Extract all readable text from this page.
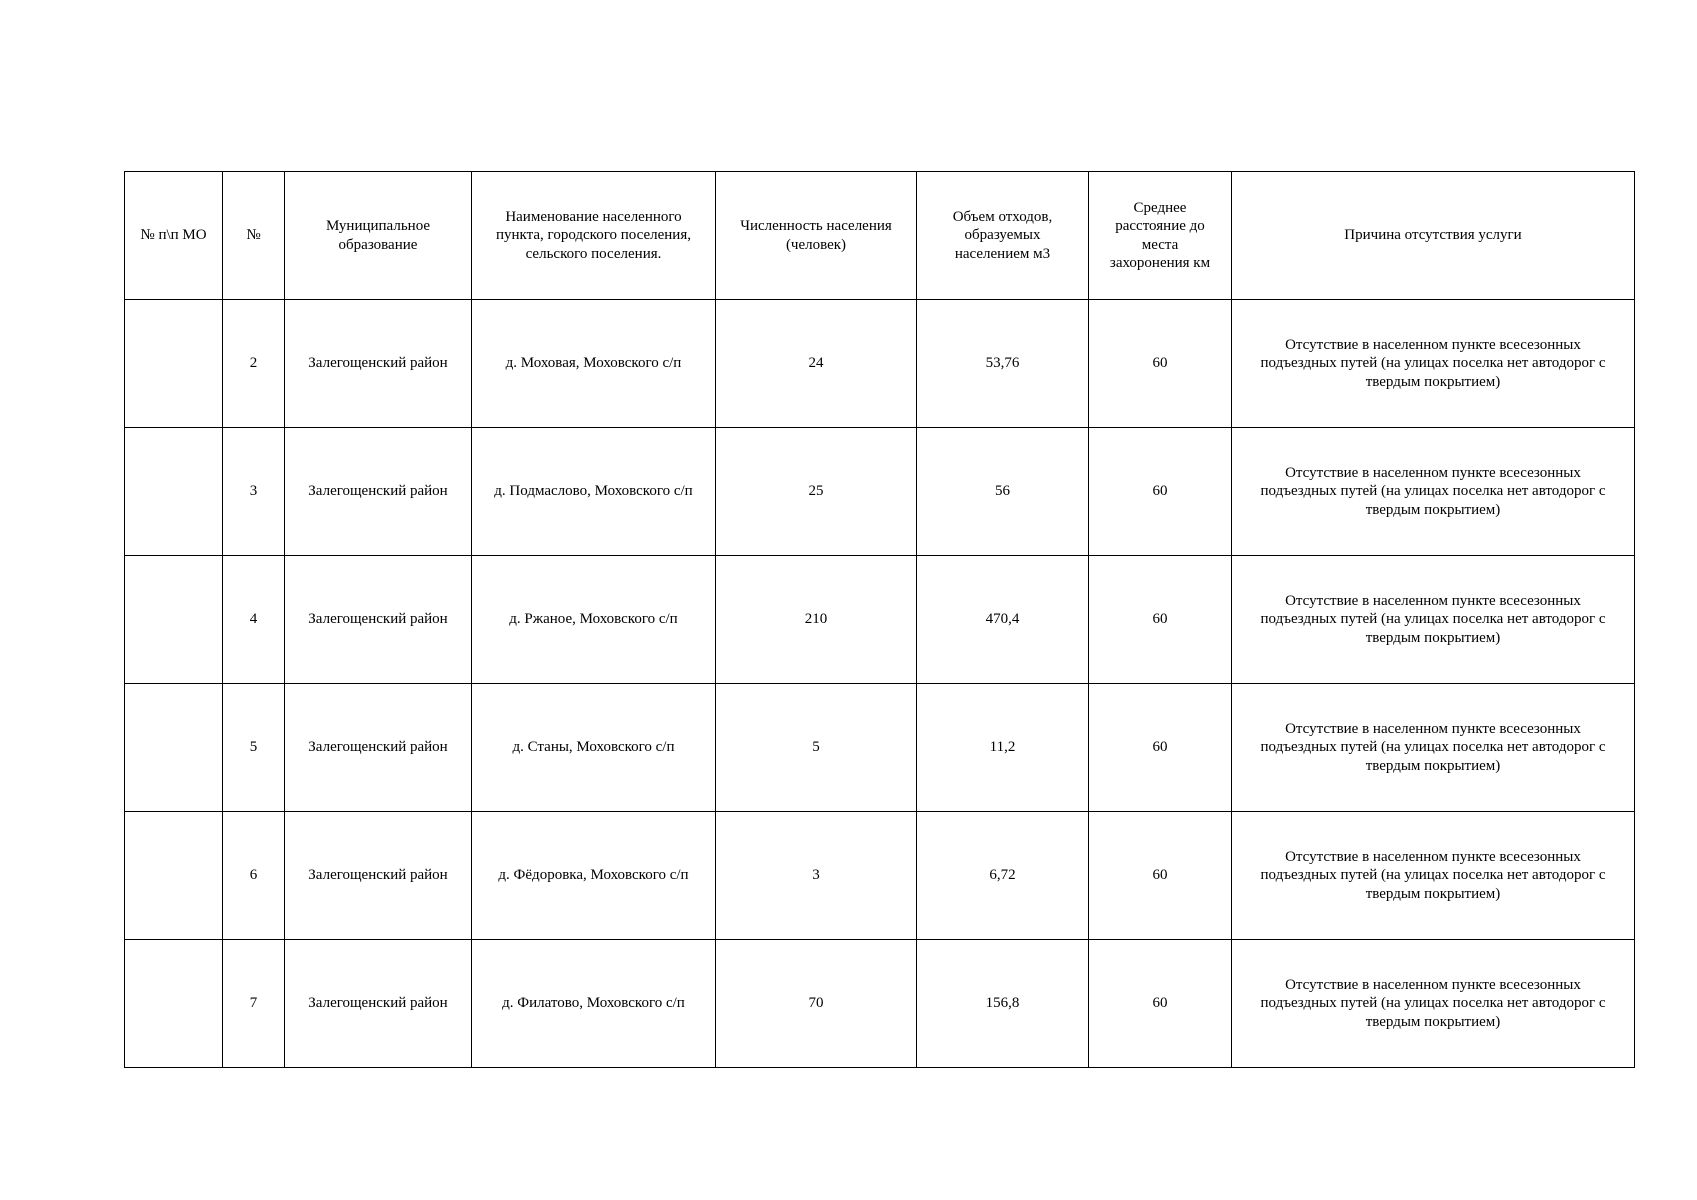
№ п\п МО	№	Муниципальное
образование	Наименование населенного
пункта, городского поселения,
сельского поселения.	Численность населения
(человек)	Объем отходов,
образуемых
населением м3	Среднее
расстояние до
места
захоронения км	Причина отсутствия услуги

	2	Залегощенский район	д. Моховая, Моховского с/п	24	53,76	60	Отсутствие в населенном пункте всесезонных
подъездных путей (на улицах поселка нет автодорог с
твердым покрытием)

	3	Залегощенский район	д. Подмаслово, Моховского с/п	25	56	60	Отсутствие в населенном пункте всесезонных
подъездных путей (на улицах поселка нет автодорог с
твердым покрытием)

	4	Залегощенский район	д. Ржаное, Моховского с/п	210	470,4	60	Отсутствие в населенном пункте всесезонных
подъездных путей (на улицах поселка нет автодорог с
твердым покрытием)

	5	Залегощенский район	д. Станы, Моховского с/п	5	11,2	60	Отсутствие в населенном пункте всесезонных
подъездных путей (на улицах поселка нет автодорог с
твердым покрытием)

	6	Залегощенский район	д. Фёдоровка, Моховского с/п	3	6,72	60	Отсутствие в населенном пункте всесезонных
подъездных путей (на улицах поселка нет автодорог с
твердым покрытием)

	7	Залегощенский район	д. Филатово, Моховского с/п	70	156,8	60	Отсутствие в населенном пункте всесезонных
подъездных путей (на улицах поселка нет автодорог с
твердым покрытием)
